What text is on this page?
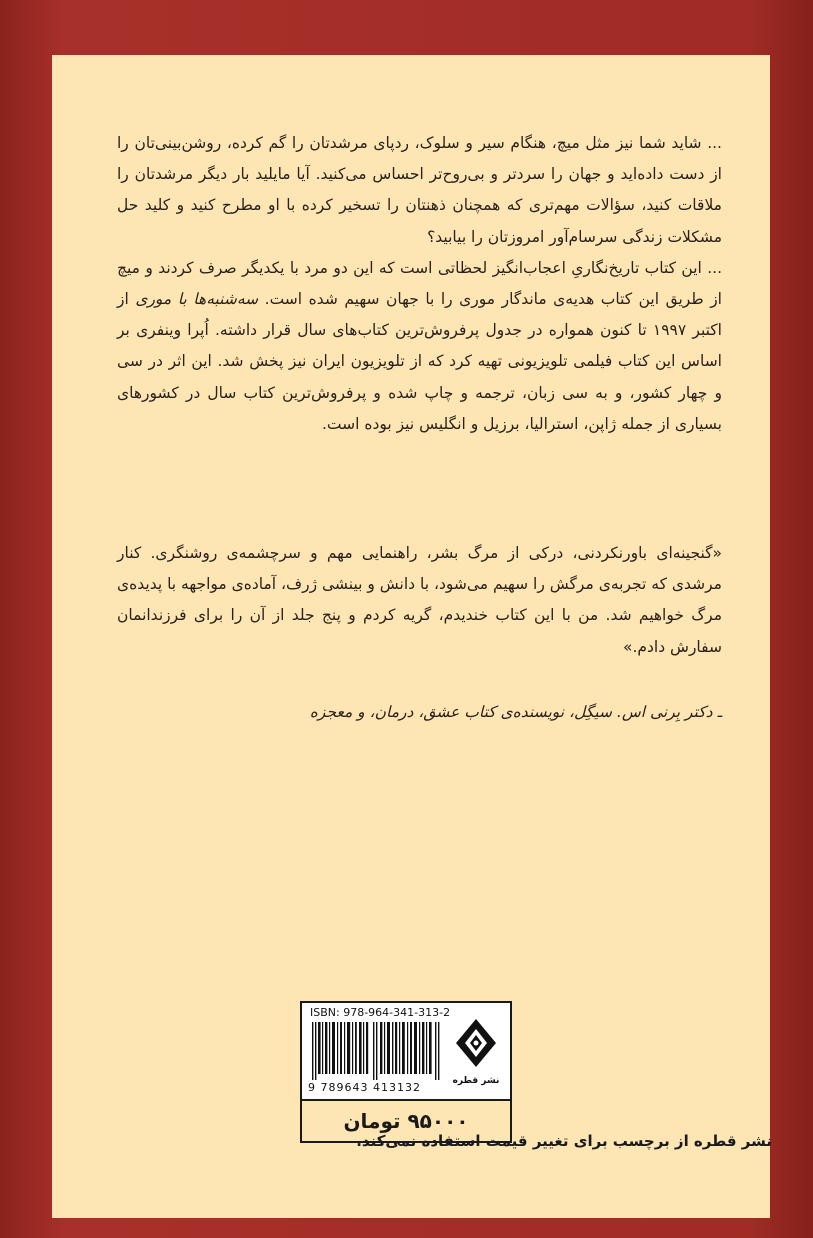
... شاید شما نیز مثل میچ، هنگام سیر و سلوک، ردپای مرشدتان را گم کرده، روشن‌بینی‌تان را از دست داده‌اید و جهان را سردتر و بی‌روح‌تر احساس می‌کنید. آیا مایلید بار دیگر مرشدتان را ملاقات کنید، سؤالات مهم‌تری که همچنان ذهنتان را تسخیر کرده با او مطرح کنید و کلید حل مشکلات زندگی سرسام‌آور امروزتان را بیابید؟

... این کتاب تاریخ‌نگاریِ اعجاب‌انگیز لحظاتی است که این دو مرد با یکدیگر صرف کردند و میچ از طریق این کتاب هدیه‌ی ماندگار موری را با جهان سهیم شده است. سه‌شنبه‌ها با موری از اکتبر ۱۹۹۷ تا کنون همواره در جدول پرفروش‌ترین کتاب‌های سال قرار داشته. اُپرا وینفری بر اساس این کتاب فیلمی تلویزیونی تهیه کرد که از تلویزیون ایران نیز پخش شد. این اثر در سی و چهار کشور، و به سی زبان، ترجمه و چاپ شده و پرفروش‌ترین کتاب سال در کشورهای بسیاری از جمله ژاپن، استرالیا، برزیل و انگلیس نیز بوده است.

«گنجینه‌ای باورنکردنی، درکی از مرگ بشر، راهنمایی مهم و سرچشمه‌ی روشنگری. کنار مرشدی که تجربه‌ی مرگش را سهیم می‌شود، با دانش و بینشی ژرف، آماده‌ی مواجهه با پدیده‌ی مرگ خواهیم شد. من با این کتاب خندیدم، گریه کردم و پنج جلد از آن را برای فرزندانمان سفارش دادم.»

ـ دکتر بِرنی اس. سیگِل، نویسنده‌ی کتاب عشق، درمان، و معجزه
ISBN: 978-964-341-313-2
9 789643 413132	نشر قطره
۹۵۰۰۰ تومان
نشر قطره از برچسب برای تغییر قیمت استفاده نمی‌کند.
